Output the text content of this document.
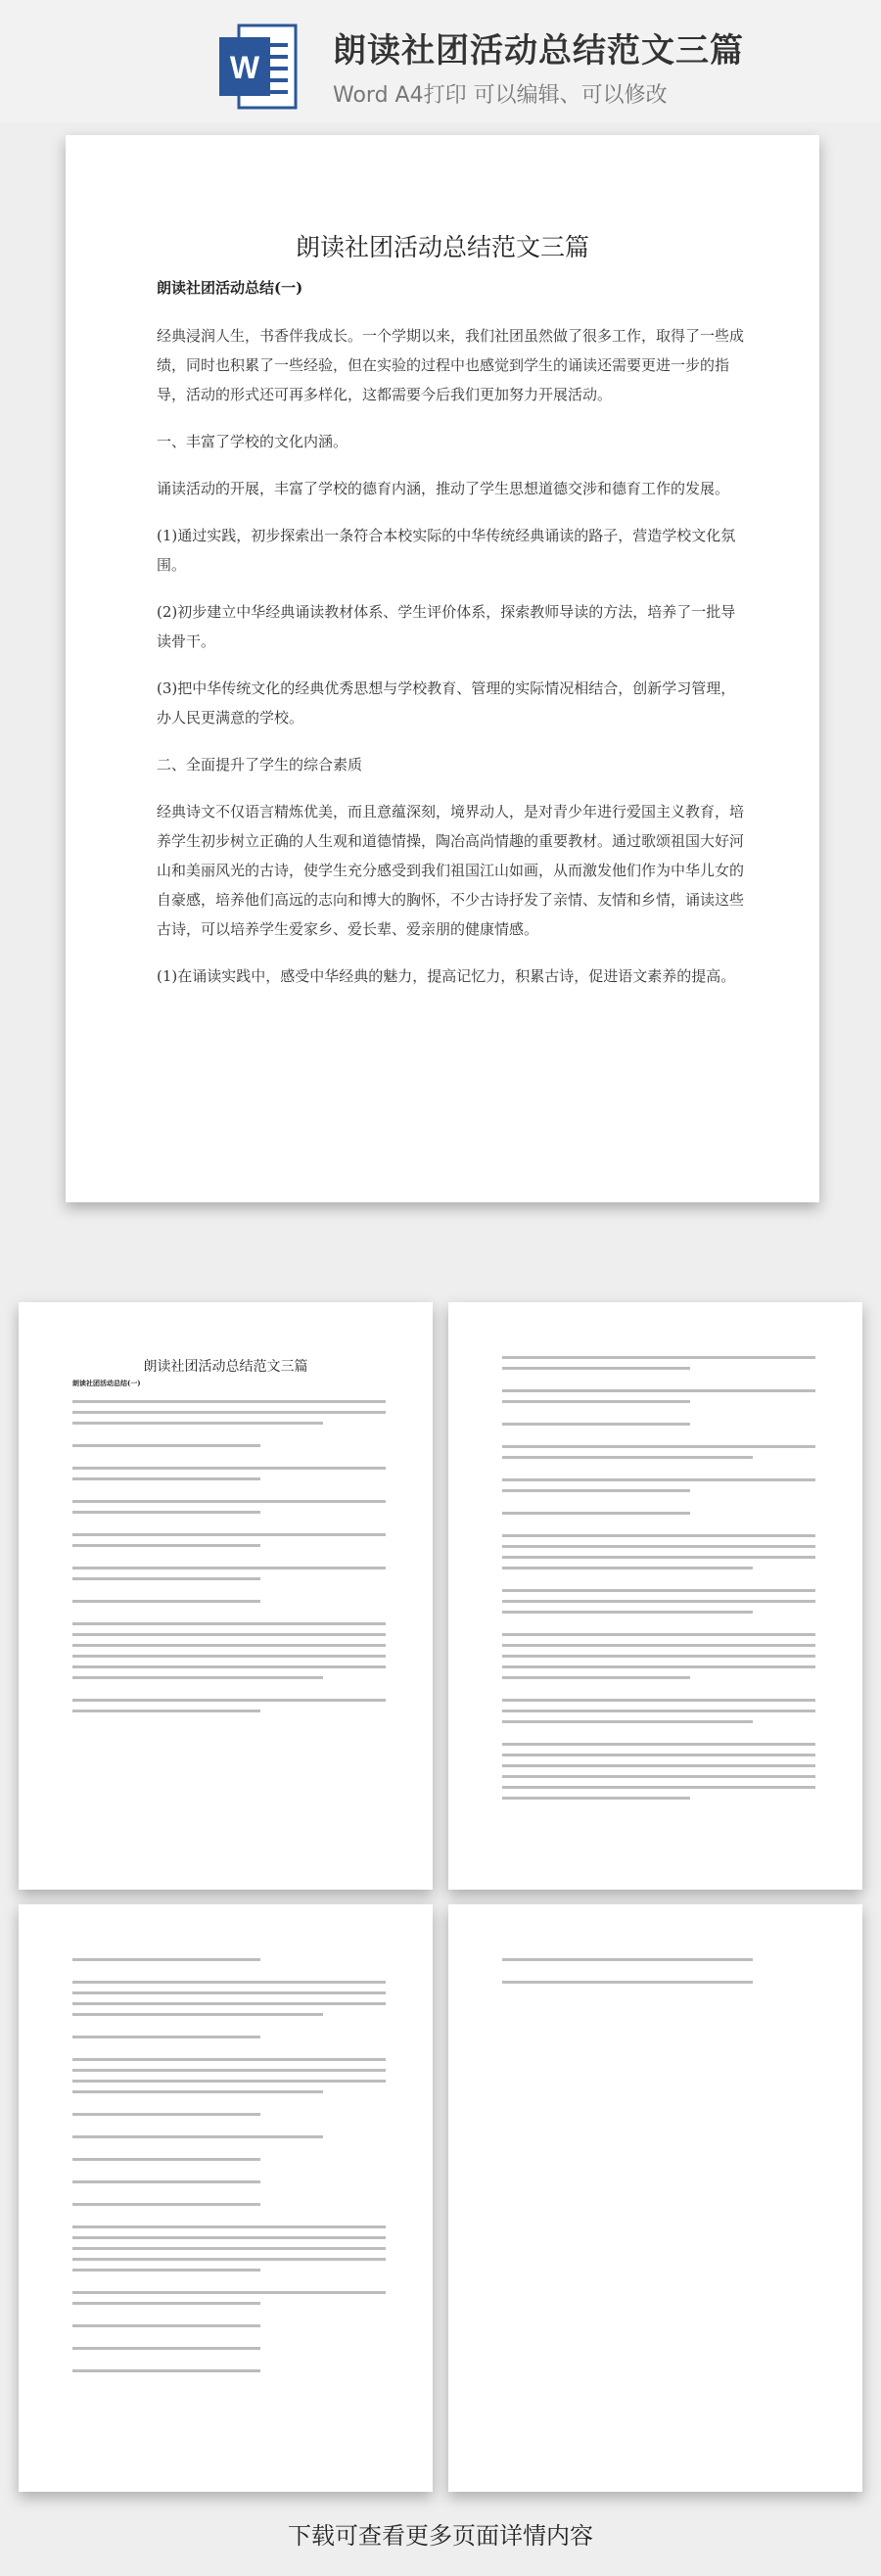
W 朗读社团活动总结范文三篇
Word A4打印 可以编辑、可以修改
朗读社团活动总结范文三篇
朗读社团活动总结(一)

经典浸润人生，书香伴我成长。一个学期以来，我们社团虽然做了很多工作，取得了一些成绩，同时也积累了一些经验，但在实验的过程中也感觉到学生的诵读还需要更进一步的指导，活动的形式还可再多样化，这都需要今后我们更加努力开展活动。

一、丰富了学校的文化内涵。

诵读活动的开展，丰富了学校的德育内涵，推动了学生思想道德交涉和德育工作的发展。

(1)通过实践，初步探索出一条符合本校实际的中华传统经典诵读的路子，营造学校文化氛围。

(2)初步建立中华经典诵读教材体系、学生评价体系，探索教师导读的方法，培养了一批导读骨干。

(3)把中华传统文化的经典优秀思想与学校教育、管理的实际情况相结合，创新学习管理，办人民更满意的学校。

二、全面提升了学生的综合素质

经典诗文不仅语言精炼优美，而且意蕴深刻，境界动人，是对青少年进行爱国主义教育，培养学生初步树立正确的人生观和道德情操，陶冶高尚情趣的重要教材。通过歌颂祖国大好河山和美丽风光的古诗，使学生充分感受到我们祖国江山如画，从而激发他们作为中华儿女的自豪感，培养他们高远的志向和博大的胸怀，不少古诗抒发了亲情、友情和乡情，诵读这些古诗，可以培养学生爱家乡、爱长辈、爱亲朋的健康情感。

(1)在诵读实践中，感受中华经典的魅力，提高记忆力，积累古诗，促进语文素养的提高。

朗读社团活动总结范文三篇
朗读社团活动总结(一)
下载可查看更多页面详情内容
